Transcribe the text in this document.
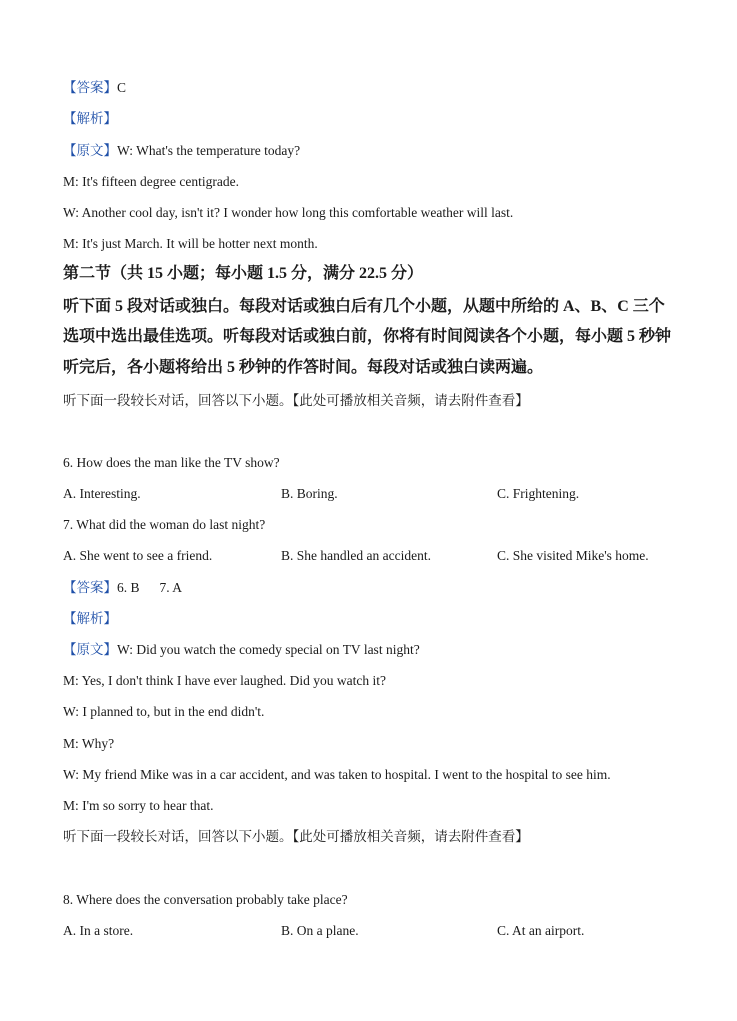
【答案】C
【解析】
【原文】W: What's the temperature today?
M: It's fifteen degree centigrade.
W: Another cool day, isn't it? I wonder how long this comfortable weather will last.
M: It's just March. It will be hotter next month.
第二节（共 15 小题；每小题 1.5 分，满分 22.5 分）
听下面 5 段对话或独白。每段对话或独白后有几个小题，从题中所给的 A、B、C 三个
选项中选出最佳选项。听每段对话或独白前，你将有时间阅读各个小题，每小题 5 秒钟
听完后，各小题将给出 5 秒钟的作答时间。每段对话或独白读两遍。
听下面一段较长对话，回答以下小题。【此处可播放相关音频，请去附件查看】
6. How does the man like the TV show?
A. Interesting.	B. Boring.	C. Frightening.
7. What did the woman do last night?
A. She went to see a friend.	B. She handled an accident.	C. She visited Mike's home.
【答案】6. B 7. A
【解析】
【原文】W: Did you watch the comedy special on TV last night?
M: Yes, I don't think I have ever laughed. Did you watch it?
W: I planned to, but in the end didn't.
M: Why?
W: My friend Mike was in a car accident, and was taken to hospital. I went to the hospital to see him.
M: I'm so sorry to hear that.
听下面一段较长对话，回答以下小题。【此处可播放相关音频，请去附件查看】
8. Where does the conversation probably take place?
A. In a store.	B. On a plane.	C. At an airport.
